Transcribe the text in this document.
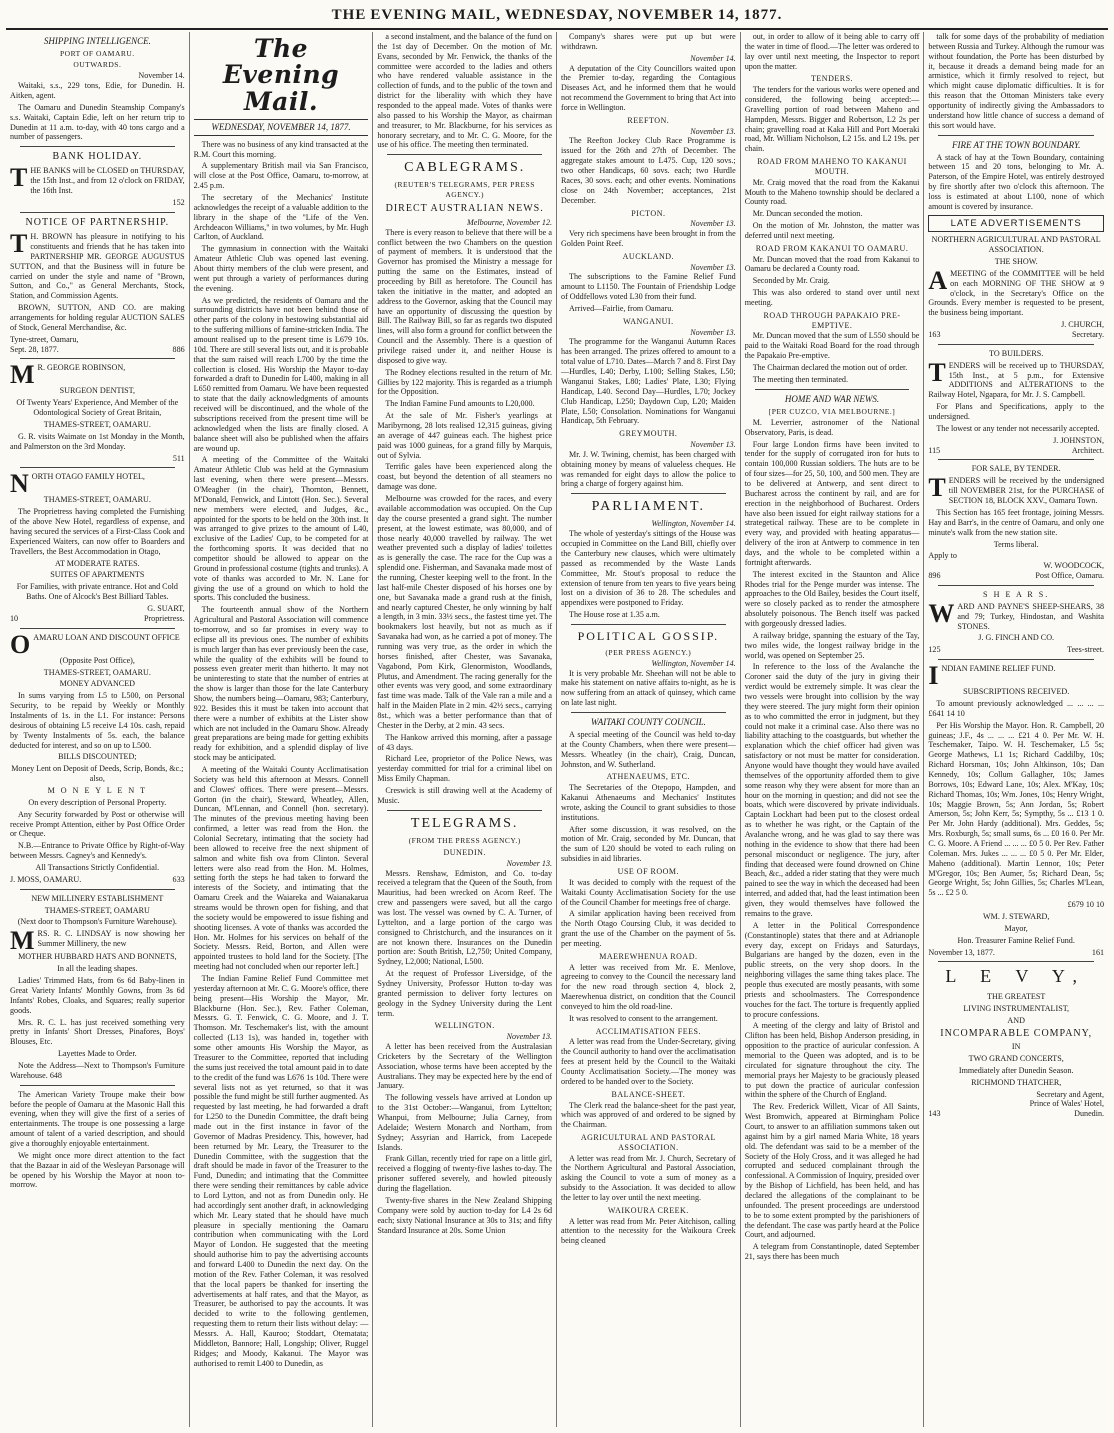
THE EVENING MAIL, WEDNESDAY, NOVEMBER 14, 1877.
SHIPPING INTELLIGENCE.
PORT OF OAMARU.
OUTWARDS.
November 14.

Waitaki, s.s., 229 tons, Edie, for Dunedin. H. Aitken, agent.

The Oamaru and Dunedin Steamship Company's s.s. Waitaki, Captain Edie, left on her return trip to Dunedin at 11 a.m. to-day, with 40 tons cargo and a number of passengers.

BANK HOLIDAY.

THE BANKS will be CLOSED on THURSDAY, the 15th Inst., and from 12 o'clock on FRIDAY, the 16th Inst.

152
NOTICE OF PARTNERSHIP.

T H. BROWN has pleasure in notifying to his constituents and friends that he has taken into PARTNERSHIP MR. GEORGE AUGUSTUS SUTTON, and that the Business will in future be carried on under the style and name of "Brown, Sutton, and Co.," as General Merchants, Stock, Station, and Commission Agents.

BROWN, SUTTON, AND CO. are making arrangements for holding regular AUCTION SALES of Stock, General Merchandise, &c.

Tyne-street, Oamaru,
Sept. 28, 1877.	886

M R. GEORGE ROBINSON,

SURGEON DENTIST,
Of Twenty Years' Experience, And Member of the Odontological Society of Great Britain,
THAMES-STREET, OAMARU.

G. R. visits Waimate on 1st Monday in the Month, and Palmerston on the 3rd Monday.

511

NORTH OTAGO FAMILY HOTEL,

THAMES-STREET, OAMARU.

The Proprietress having completed the Furnishing of the above New Hotel, regardless of expense, and having secured the services of a First-Class Cook and Experienced Waiters, can now offer to Boarders and Travellers, the Best Accommodation in Otago,

AT MODERATE RATES.
SUITES OF APARTMENTS
For Families, with private entrance. Hot and Cold Baths. One of Alcock's Best Billiard Tables.
G. SUART,
10	Proprietress.

OAMARU LOAN AND DISCOUNT OFFICE

(Opposite Post Office),
THAMES-STREET, OAMARU.
MONEY ADVANCED

In sums varying from L5 to L500, on Personal Security, to be repaid by Weekly or Monthly Instalments of 1s. in the L1. For instance: Persons desirous of obtaining L5 receive L4 10s. cash, repaid by Twenty Instalments of 5s. each, the balance deducted for interest, and so on up to L500.

BILLS DISCOUNTED;
Money Lent on Deposit of Deeds, Scrip, Bonds, &c.; also,
M O N E Y L E N T
On every description of Personal Property.

Any Security forwarded by Post or otherwise will receive Prompt Attention, either by Post Office Order or Cheque.

N.B.—Entrance to Private Office by Right-of-Way between Messrs. Cagney's and Kennedy's.

All Transactions Strictly Confidential.
J. MOSS, OAMARU.	633
NEW MILLINERY ESTABLISHMENT
THAMES-STREET, OAMARU
(Next door to Thompson's Furniture Warehouse).

MRS. R. C. LINDSAY is now showing her Summer Millinery, the new

MOTHER HUBBARD HATS AND BONNETS,
In all the leading shapes.

Ladies' Trimmed Hats, from 6s 6d Baby-linen in Great Variety Infants' Monthly Gowns, from 3s 6d Infants' Robes, Cloaks, and Squares; really superior goods.

Mrs. R. C. L. has just received something very pretty in Infants' Short Dresses, Pinafores, Boys' Blouses, Etc.

Layettes Made to Order.

Note the Address—Next to Thompson's Furniture Warehouse. 648

The American Variety Troupe make their bow before the people of Oamaru at the Masonic Hall this evening, when they will give the first of a series of entertainments. The troupe is one possessing a large amount of talent of a varied description, and should give a thoroughly enjoyable entertainment.

We might once more direct attention to the fact that the Bazaar in aid of the Wesleyan Parsonage will be opened by his Worship the Mayor at noon to-morrow.

The Evening Mail.
WEDNESDAY, NOVEMBER 14, 1877.

There was no business of any kind transacted at the R.M. Court this morning.

A supplementary British mail via San Francisco, will close at the Post Office, Oamaru, to-morrow, at 2.45 p.m.

The secretary of the Mechanics' Institute acknowledges the receipt of a valuable addition to the library in the shape of the "Life of the Ven. Archdeacon Williams," in two volumes, by Mr. Hugh Carlton, of Auckland.

The gymnasium in connection with the Waitaki Amateur Athletic Club was opened last evening. About thirty members of the club were present, and went put through a variety of performances during the evening.

As we predicted, the residents of Oamaru and the surrounding districts have not been behind those of other parts of the colony in bestowing substantial aid to the suffering millions of famine-stricken India. The amount realised up to the present time is L679 10s. 10d. There are still several lists out, and it is probable that the sum raised will reach L700 by the time the collection is closed. His Worship the Mayor to-day forwarded a draft to Dunedin for L400, making in all L650 remitted from Oamaru. We have been requested to state that the daily acknowledgments of amounts received will be discontinued, and the whole of the subscriptions received from the present time will be acknowledged when the lists are finally closed. A balance sheet will also be published when the affairs are wound up.

A meeting of the Committee of the Waitaki Amateur Athletic Club was held at the Gymnasium last evening, when there were present—Messrs. O'Meagher (in the chair), Thornton, Bennett, M'Donald, Fenwick, and Lintott (Hon. Sec.). Several new members were elected, and Judges, &c., appointed for the sports to be held on the 30th inst. It was arranged to give prizes to the amount of L40, exclusive of the Ladies' Cup, to be competed for at the forthcoming sports. It was decided that no competitor should be allowed to appear on the Ground in professional costume (tights and trunks). A vote of thanks was accorded to Mr. N. Lane for giving the use of a ground on which to hold the sports. This concluded the business.

The fourteenth annual show of the Northern Agricultural and Pastoral Association will commence to-morrow, and so far promises in every way to eclipse all its previous ones. The number of exhibits is much larger than has ever previously been the case, while the quality of the exhibits will be found to possess even greater merit than hitherto. It may not be uninteresting to state that the number of entries at the show is larger than those for the late Canterbury Show, the numbers being—Oamaru, 983; Canterbury, 922. Besides this it must be taken into account that there were a number of exhibits at the Lister show which are not included in the Oamaru Show. Already great preparations are being made for getting exhibits ready for exhibition, and a splendid display of live stock may be anticipated.

A meeting of the Waitaki County Acclimatisation Society was held this afternoon at Messrs. Connell and Clowes' offices. There were present—Messrs. Gorton (in the chair), Steward, Wheatley, Allen, Duncan, M'Lennan, and Connell (hon. secretary). The minutes of the previous meeting having been confirmed, a letter was read from the Hon. the Colonial Secretary, intimating that the society had been allowed to receive free the next shipment of salmon and white fish ova from Clinton. Several letters were also read from the Hon. M. Holmes, setting forth the steps he had taken to forward the interests of the Society, and intimating that the Oamaru Creek and the Waiareka and Waianakarua streams would be thrown open for fishing, and that the society would be empowered to issue fishing and shooting licenses. A vote of thanks was accorded the Hon. Mr. Holmes for his services on behalf of the Society. Messrs. Reid, Borton, and Allen were appointed trustees to hold land for the Society. [The meeting had not concluded when our reporter left.]

The Indian Famine Relief Fund Committee met yesterday afternoon at Mr. C. G. Moore's office, there being present—His Worship the Mayor, Mr. Blackburne (Hon. Sec.), Rev. Father Coleman, Messrs. G. T. Fenwick, C. G. Moore, and J. T. Thomson. Mr. Teschemaker's list, with the amount collected (L13 1s), was handed in, together with some other amounts His Worship the Mayor, as Treasurer to the Committee, reported that including the sums just received the total amount paid in to date to the credit of the fund was L676 1s 10d. There were several lists not as yet returned, so that it was possible the fund might be still further augmented. As requested by last meeting, he had forwarded a draft for L250 to the Dunedin Committee, the draft being made out in the first instance in favor of the Governor of Madras Presidency. This, however, had been returned by Mr. Leary, the Treasurer to the Dunedin Committee, with the suggestion that the draft should be made in favor of the Treasurer to the Fund, Dunedin; and intimating that the Committee there were sending their remittances by cable advice to Lord Lytton, and not as from Dunedin only. He had accordingly sent another draft, in acknowledging which Mr. Leary stated that he should have much pleasure in specially mentioning the Oamaru contribution when communicating with the Lord Mayor of London. He suggested that the meeting should authorise him to pay the advertising accounts and forward L400 to Dunedin the next day. On the motion of the Rev. Father Coleman, it was resolved that the local papers be thanked for inserting the advertisements at half rates, and that the Mayor, as Treasurer, be authorised to pay the accounts. It was decided to write to the following gentlemen, requesting them to return their lists without delay: —Messrs. A. Hall, Kauroo; Stoddart, Otematata; Middleton, Bannore; Hall, Longship; Oliver, Ruggel Ridges; and Moody, Kakanui. The Mayor was authorised to remit L400 to Dunedin, as

a second instalment, and the balance of the fund on the 1st day of December. On the motion of Mr. Evans, seconded by Mr. Fenwick, the thanks of the committee were accorded to the ladies and others who have rendered valuable assistance in the collection of funds, and to the public of the town and district for the liberality with which they have responded to the appeal made. Votes of thanks were also passed to his Worship the Mayor, as chairman and treasurer, to Mr. Blackburne, for his services as honorary secretary, and to Mr. C. G. Moore, for the use of his office. The meeting then terminated.

CABLEGRAMS.
(REUTER'S TELEGRAMS, PER PRESS AGENCY.)
DIRECT AUSTRALIAN NEWS.
Melbourne, November 12.

There is every reason to believe that there will be a conflict between the two Chambers on the question of payment of members. It is understood that the Governor has promised the Ministry a message for putting the same on the Estimates, instead of proceeding by Bill as heretofore. The Council has taken the initiative in the matter, and adopted an address to the Governor, asking that the Council may have an opportunity of discussing the question by Bill. The Railway Bill, so far as regards two disputed lines, will also form a ground for conflict between the Council and the Assembly. There is a question of privilege raised under it, and neither House is disposed to give way.

The Rodney elections resulted in the return of Mr. Gillies by 122 majority. This is regarded as a triumph for the Opposition.

The Indian Famine Fund amounts to L20,000.

At the sale of Mr. Fisher's yearlings at Maribyrnong, 28 lots realised 12,315 guineas, giving an average of 447 guineas each. The highest price paid was 1000 guineas, for a grand filly by Marquis, out of Sylvia.

Terrific gales have been experienced along the coast, but beyond the detention of all steamers no damage was done.

Melbourne was crowded for the races, and every available accommodation was occupied. On the Cup day the course presented a grand sight. The number present, at the lowest estimate, was 80,000, and of those nearly 40,000 travelled by railway. The wet weather prevented such a display of ladies' toilettes as is generally the case. The race for the Cup was a splendid one. Fisherman, and Savanaka made most of the running, Chester keeping well to the front. In the last half-mile Chester disposed of his horses one by one, but Savanaka made a grand rush at the finish, and nearly captured Chester, he only winning by half a length, in 3 min. 33½ secs., the fastest time yet. The bookmakers lost heavily, but not as much as if Savanaka had won, as he carried a pot of money. The running was very true, as the order in which the horses finished, after Chester, was Savanaka, Vagabond, Pom Kirk, Glenormiston, Woodlands, Plutus, and Amendment. The racing generally for the other events was very good, and some extraordinary fast time was made. Talk of the Vale ran a mile and a half in the Maiden Plate in 2 min. 42½ secs., carrying 8st., which was a better performance than that of Chester in the Derby, at 2 min. 43 secs.

The Hankow arrived this morning, after a passage of 43 days.

Richard Lee, proprietor of the Police News, was yesterday committed for trial for a criminal libel on Miss Emily Chapman.

Creswick is still drawing well at the Academy of Music.

TELEGRAMS.
(FROM THE PRESS AGENCY.)
DUNEDIN.
November 13.

Messrs. Renshaw, Edmiston, and Co. to-day received a telegram that the Queen of the South, from Mauritius, had been wrecked on Acorn Reef. The crew and passengers were saved, but all the cargo was lost. The vessel was owned by C. A. Turner, of Lyttelton, and a large portion of the cargo was consigned to Christchurch, and the insurances on it are not known there. Insurances on the Dunedin portion are: South British, L2,750; United Company, Sydney, L2,000; National, L500.

At the request of Professor Liversidge, of the Sydney University, Professor Hutton to-day was granted permission to deliver forty lectures on geology in the Sydney University during the Lent term.

WELLINGTON.
November 13.

A letter has been received from the Australasian Cricketers by the Secretary of the Wellington Association, whose terms have been accepted by the Australians. They may be expected here by the end of January.

The following vessels have arrived at London up to the 31st October:—Wanganui, from Lyttelton; Whanpui, from Melbourne; Julia Carney, from Adelaide; Western Monarch and Northam, from Sydney; Assyrian and Harrick, from Lacepede Islands.

Frank Gillan, recently tried for rape on a little girl, received a flogging of twenty-five lashes to-day. The prisoner suffered severely, and howled piteously during the flagellation.

Twenty-five shares in the New Zealand Shipping Company were sold by auction to-day for L4 2s 6d each; sixty National Insurance at 30s to 31s; and fifty Standard Insurance at 20s. Some Union

Company's shares were put up but were withdrawn.

November 14.

A deputation of the City Councillors waited upon the Premier to-day, regarding the Contagious Diseases Act, and he informed them that he would not recommend the Government to bring that Act into force in Wellington.

REEFTON.
November 13.

The Reefton Jockey Club Race Programme is issued for the 26th and 27th of December. The aggregate stakes amount to L475. Cup, 120 sovs.; two other Handicaps, 60 sovs. each; two Hurdle Races, 30 sovs. each; and other events. Nominations close on 24th November; acceptances, 21st December.

PICTON.
November 13.

Very rich specimens have been brought in from the Golden Point Reef.

AUCKLAND.
November 13.

The subscriptions to the Famine Relief Fund amount to L1150. The Fountain of Friendship Lodge of Oddfellows voted L30 from their fund.

Arrived—Fairlie, from Oamaru.

WANGANUI.
November 13.

The programme for the Wanganui Autumn Races has been arranged. The prizes offered to amount to a total value of L710. Dates—March 7 and 8. First Day—Hurdles, L40; Derby, L100; Selling Stakes, L50; Wanganui Stakes, L80; Ladies' Plate, L30; Flying Handicap, L40. Second Day—Hurdles, L70; Jockey Club Handicap, L250; Daydown Cup, L20; Maiden Plate, L50; Consolation. Nominations for Wanganui Handicap, 5th February.

GREYMOUTH.
November 13.

Mr. J. W. Twining, chemist, has been charged with obtaining money by means of valueless cheques. He was remanded for eight days to allow the police to bring a charge of forgery against him.

PARLIAMENT.
Wellington, November 14.

The whole of yesterday's sittings of the House was occupied in Committee on the Land Bill, chiefly over the Canterbury new clauses, which were ultimately passed as recommended by the Waste Lands Committee, Mr. Stout's proposal to reduce the extension of tenure from ten years to five years being lost on a division of 36 to 28. The schedules and appendixes were postponed to Friday.

The House rose at 1.35 a.m.

POLITICAL GOSSIP.
(PER PRESS AGENCY.)
Wellington, November 14.

It is very probable Mr. Sheehan will not be able to make his statement on native affairs to-night, as he is now suffering from an attack of quinsey, which came on late last night.

WAITAKI COUNTY COUNCIL.

A special meeting of the Council was held to-day at the County Chambers, when there were present—Messrs. Wheatley (in the chair), Craig, Duncan, Johnston, and W. Sutherland.

ATHENAEUMS, ETC.

The Secretaries of the Otepopo, Hampden, and Kakanui Athenaeums and Mechanics' Institutes wrote, asking the Council to grant subsidies to those institutions.

After some discussion, it was resolved, on the motion of Mr. Craig, seconded by Mr. Duncan, that the sum of L20 should be voted to each ruling on subsidies in aid libraries.

USE OF ROOM.

It was decided to comply with the request of the Waitaki County Acclimatisation Society for the use of the Council Chamber for meetings free of charge.

A similar application having been received from the North Otago Coursing Club, it was decided to grant the use of the Chamber on the payment of 5s. per meeting.

MAEREWHENUA ROAD.

A letter was received from Mr. E. Menlove, agreeing to convey to the Council the necessary land for the new road through section 4, block 2, Maerewhenua district, on condition that the Council conveyed to him the old road-line.

It was resolved to consent to the arrangement.

ACCLIMATISATION FEES.

A letter was read from the Under-Secretary, giving the Council authority to hand over the acclimatisation fees at present held by the Council to the Waitaki County Acclimatisation Society.—The money was ordered to be handed over to the Society.

BALANCE-SHEET.

The Clerk read the balance-sheet for the past year, which was approved of and ordered to be signed by the Chairman.

AGRICULTURAL AND PASTORAL ASSOCIATION.

A letter was read from Mr. J. Church, Secretary of the Northern Agricultural and Pastoral Association, asking the Council to vote a sum of money as a subsidy to the Association. It was decided to allow the letter to lay over until the next meeting.

WAIKOURA CREEK.

A letter was read from Mr. Peter Aitchison, calling attention to the necessity for the Waikoura Creek being cleaned

out, in order to allow of it being able to carry off the water in time of flood.—The letter was ordered to lay over until next meeting, the Inspector to report upon the matter.

TENDERS.

The tenders for the various works were opened and considered, the following being accepted:—Gravelling portion of road between Maheno and Hampden, Messrs. Bigger and Robertson, L2 2s per chain; gravelling road at Kaka Hill and Port Moeraki road, Mr. William Nicholson, L2 15s. and L2 19s. per chain.

ROAD FROM MAHENO TO KAKANUI MOUTH.

Mr. Craig moved that the road from the Kakanui Mouth to the Maheno township should be declared a County road.

Mr. Duncan seconded the motion.

On the motion of Mr. Johnston, the matter was deferred until next meeting.

ROAD FROM KAKANUI TO OAMARU.

Mr. Duncan moved that the road from Kakanui to Oamaru be declared a County road.

Seconded by Mr. Craig.

This was also ordered to stand over until next meeting.

ROAD THROUGH PAPAKAIO PRE-EMPTIVE.

Mr. Duncan moved that the sum of L550 should be paid to the Waitaki Road Board for the road through the Papakaio Pre-emptive.

The Chairman declared the motion out of order.

The meeting then terminated.

HOME AND WAR NEWS.
[PER CUZCO, VIA MELBOURNE.]

M. Leverrier, astronomer of the National Observatory, Paris, is dead.

Four large London firms have been invited to tender for the supply of corrugated iron for huts to contain 100,000 Russian soldiers. The huts are to be of four sizes—for 25, 50, 100, and 500 men. They are to be delivered at Antwerp, and sent direct to Bucharest across the continent by rail, and are for erection in the neighborhood of Bucharest. Orders have also been issued for eight railway stations for a strategetical railway. These are to be complete in every way, and provided with heating apparatus—delivery of the iron at Antwerp to commence in ten days, and the whole to be completed within a fortnight afterwards.

The interest excited in the Staunton and Alice Rhodes trial for the Penge murder was intense. The approaches to the Old Bailey, besides the Court itself, were so closely packed as to render the atmosphere absolutely poisonous. The Bench itself was packed with gorgeously dressed ladies.

A railway bridge, spanning the estuary of the Tay, two miles wide, the longest railway bridge in the world, was opened on September 25.

In reference to the loss of the Avalanche the Coroner said the duty of the jury in giving their verdict would be extremely simple. It was clear the two vessels were brought into collision by the way they were steered. The jury might form their opinion as to who committed the error in judgment, but they could not make it a criminal case. Also there was no liability attaching to the coastguards, but whether the explanation which the chief officer had given was satisfactory or not must be matter for consideration. Anyone would have thought they would have availed themselves of the opportunity afforded them to give some reason why they were absent for more than an hour on the morning in question; and did not see the boats, which were discovered by private individuals. Captain Lockhart had been put to the closest ordeal as to whether he was right, or the Captain of the Avalanche wrong, and he was glad to say there was nothing in the evidence to show that there had been personal misconduct or negligence. The jury, after finding that deceased were found drowned on Chine Beach, &c., added a rider stating that they were much pained to see the way in which the deceased had been interred, and added that, had the least intimation been given, they would themselves have followed the remains to the grave.

A letter in the Political Correspondence (Constantinople) states that there and at Adrianople every day, except on Fridays and Saturdays, Bulgarians are hanged by the dozen, even in the public streets, on the very shop doors. In the neighboring villages the same thing takes place. The people thus executed are mostly peasants, with some priests and schoolmasters. The Correspondence vouches for the fact. The torture is frequently applied to procure confessions.

A meeting of the clergy and laity of Bristol and Clifton has been held, Bishop Anderson presiding, in opposition to the practice of auricular confession. A memorial to the Queen was adopted, and is to be circulated for signature throughout the city. The memorial prays her Majesty to be graciously pleased to put down the practice of auricular confession within the sphere of the Church of England.

The Rev. Frederick Willett, Vicar of All Saints, West Bromwich, appeared at Birmingham Police Court, to answer to an affiliation summons taken out against him by a girl named Maria White, 18 years old. The defendant was said to be a member of the Society of the Holy Cross, and it was alleged he had corrupted and seduced complainant through the confessional. A Commission of Inquiry, presided over by the Bishop of Lichfield, has been held, and has declared the allegations of the complainant to be unfounded. The present proceedings are understood to be to some extent prompted by the parishioners of the defendant. The case was partly heard at the Police Court, and adjourned.

A telegram from Constantinople, dated September 21, says there has been much

talk for some days of the probability of mediation between Russia and Turkey. Although the rumour was without foundation, the Porte has been disturbed by it, because it dreads a demand being made for an armistice, which it firmly resolved to reject, but which might cause diplomatic difficulties. It is for this reason that the Ottoman Ministers take every opportunity of indirectly giving the Ambassadors to understand how little chance of success a demand of this sort would have.

FIRE AT THE TOWN BOUNDARY.

A stack of hay at the Town Boundary, containing between 15 and 20 tons, belonging to Mr. A. Paterson, of the Empire Hotel, was entirely destroyed by fire shortly after two o'clock this afternoon. The loss is estimated at about L100, none of which amount is covered by insurance.

LATE ADVERTISEMENTS
NORTHERN AGRICULTURAL AND PASTORAL ASSOCIATION.
THE SHOW.

AMEETING of the COMMITTEE will be held on each MORNING OF THE SHOW at 9 o'clock, in the Secretary's Office on the Grounds. Every member is requested to be present, the business being important.

J. CHURCH,
163	Secretary.
TO BUILDERS.

TENDERS will be received up to THURSDAY, 15th Inst., at 5 p.m., for Extensive ADDITIONS and ALTERATIONS to the Railway Hotel, Ngapara, for Mr. J. S. Campbell.

For Plans and Specifications, apply to the undersigned.

The lowest or any tender not necessarily accepted.

J. JOHNSTON,
115	Architect.
FOR SALE, BY TENDER.

TENDERS will be received by the undersigned till NOVEMBER 21st, for the PURCHASE of SECTION 18, BLOCK XXV., Oamaru Town.

This Section has 165 feet frontage, joining Messrs. Hay and Barr's, in the centre of Oamaru, and only one minute's walk from the new station site.

Terms liberal.
Apply to
W. WOODCOCK,
896	Post Office, Oamaru.
S H E A R S.

WARD AND PAYNE'S SHEEP-SHEARS, 38 and 79; Turkey, Hindostan, and Washita STONES.

J. G. FINCH AND CO.
125	Tees-street.

INDIAN FAMINE RELIEF FUND.

SUBSCRIPTIONS RECEIVED.

To amount previously acknowledged ... ... ... ... £641 14 10

Per His Worship the Mayor. Hon. R. Campbell, 20 guineas; J.F., 4s ... ... ... £21 4 0. Per Mr. W. H. Teschemaker, Taipo. W. H. Teschemaker, L5 5s; George Mathews, L1 1s; Richard Caddilby, 10s; Richard Horsman, 10s; John Altkinson, 10s; Dan Kennedy, 10s; Collum Gallagher, 10s; James Borrows, 10s; Edward Lane, 10s; Alex. M'Kay, 10s; Richard Thomas, 10s; Wm. Jones, 10s; Henry Wright, 10s; Maggie Brown, 5s; Ann Jordan, 5s; Robert Amerson, 5s; John Kerr, 5s; Sympthy, 5s ... £13 1 0. Per Mr. John Hardy (additional). Mrs. Geddes, 5s; Mrs. Roxburgh, 5s; small sums, 6s ... £0 16 0. Per Mr. C. G. Moore. A Friend ... ... ... £0 5 0. Per Rev. Father Coleman. Mrs. Jukes ... ... ... £0 5 0. Per Mr. Elder, Maheno (additional). Martin Lennor, 10s; Peter M'Gregor, 10s; Ben Aumer, 5s; Richard Dean, 5s; George Wright, 5s; John Gillies, 5s; Charles M'Lean, 5s ... £2 5 0.

£679 10 10
WM. J. STEWARD,
Mayor,
Hon. Treasurer Famine Relief Fund.
November 13, 1877.	161
L E V Y,
THE GREATEST
LIVING INSTRUMENTALIST,
AND
INCOMPARABLE COMPANY,
IN
TWO GRAND CONCERTS,
Immediately after Dunedin Season.
RICHMOND THATCHER,
Secretary and Agent,
Prince of Wales' Hotel,
143	Dunedin.
